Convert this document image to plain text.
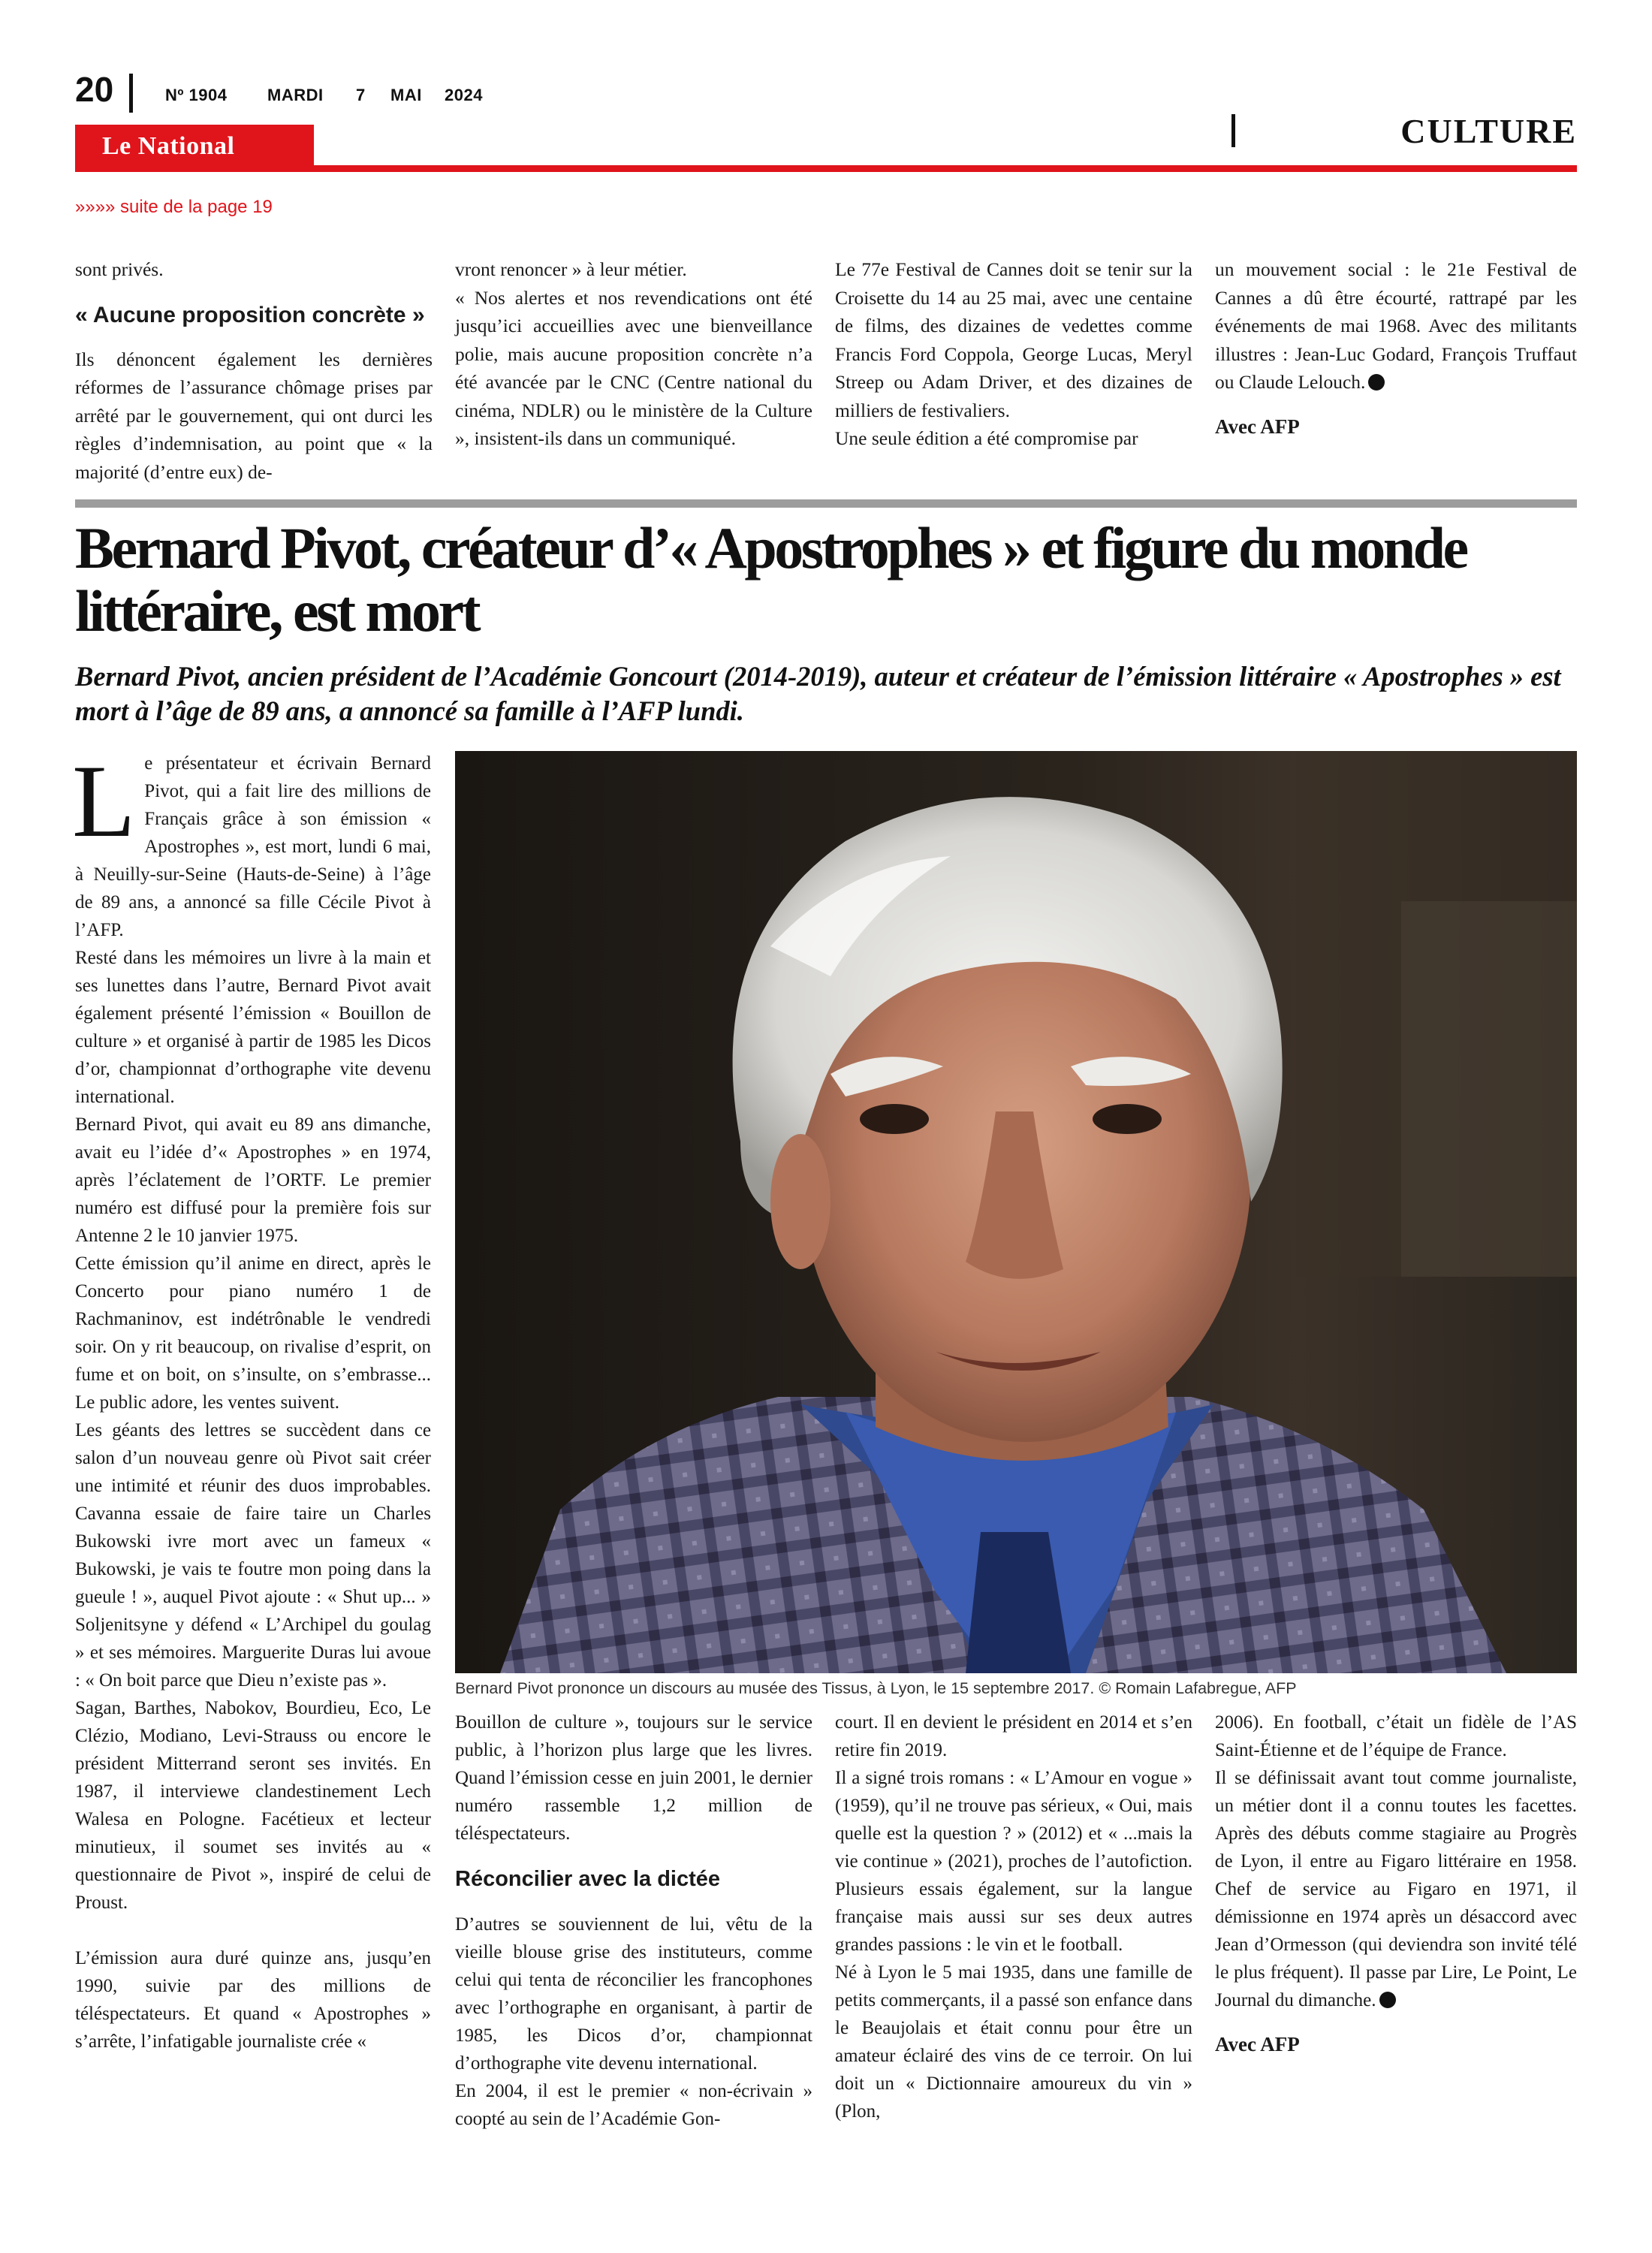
20	Nº 1904 MARDI 7 MAI 2024
Le National	CULTURE
»»»» suite de la page 19

sont privés.

« Aucune proposition concrète »

Ils dénoncent également les dernières réformes de l’assurance chômage prises par arrêté par le gouvernement, qui ont durci les règles d’indemnisation, au point que « la majorité (d’entre eux) de-

vront renoncer » à leur métier.

« Nos alertes et nos revendications ont été jusqu’ici accueillies avec une bienveillance polie, mais aucune proposition concrète n’a été avancée par le CNC (Centre national du cinéma, NDLR) ou le ministère de la Culture », insistent-ils dans un communiqué.

Le 77e Festival de Cannes doit se tenir sur la Croisette du 14 au 25 mai, avec une centaine de films, des dizaines de vedettes comme Francis Ford Coppola, George Lucas, Meryl Streep ou Adam Driver, et des dizaines de milliers de festivaliers.

Une seule édition a été compromise par

un mouvement social : le 21e Festival de Cannes a dû être écourté, rattrapé par les événements de mai 1968. Avec des militants illustres : Jean-Luc Godard, François Truffaut ou Claude Lelouch.

Avec AFP

Bernard Pivot, créateur d’« Apostrophes » et figure du monde littéraire, est mort
Bernard Pivot, ancien président de l’Académie Goncourt (2014-2019), auteur et créateur de l’émission littéraire « Apostrophes » est mort à l’âge de 89 ans, a annoncé sa famille à l’AFP lundi.

Le présentateur et écrivain Bernard Pivot, qui a fait lire des millions de Français grâce à son émission « Apostrophes », est mort, lundi 6 mai, à Neuilly-sur-Seine (Hauts-de-Seine) à l’âge de 89 ans, a annoncé sa fille Cécile Pivot à l’AFP.

Resté dans les mémoires un livre à la main et ses lunettes dans l’autre, Bernard Pivot avait également présenté l’émission « Bouillon de culture » et organisé à partir de 1985 les Dicos d’or, championnat d’orthographe vite devenu international.

Bernard Pivot, qui avait eu 89 ans dimanche, avait eu l’idée d’« Apostrophes » en 1974, après l’éclatement de l’ORTF. Le premier numéro est diffusé pour la première fois sur Antenne 2 le 10 janvier 1975.

Cette émission qu’il anime en direct, après le Concerto pour piano numéro 1 de Rachmaninov, est indétrônable le vendredi soir. On y rit beaucoup, on rivalise d’esprit, on fume et on boit, on s’insulte, on s’embrasse... Le public adore, les ventes suivent.

Les géants des lettres se succèdent dans ce salon d’un nouveau genre où Pivot sait créer une intimité et réunir des duos improbables. Cavanna essaie de faire taire un Charles Bukowski ivre mort avec un fameux « Bukowski, je vais te foutre mon poing dans la gueule ! », auquel Pivot ajoute : « Shut up... » Soljenitsyne y défend « L’Archipel du goulag » et ses mémoires. Marguerite Duras lui avoue : « On boit parce que Dieu n’existe pas ».

Sagan, Barthes, Nabokov, Bourdieu, Eco, Le Clézio, Modiano, Levi-Strauss ou encore le président Mitterrand seront ses invités. En 1987, il interviewe clandestinement Lech Walesa en Pologne. Facétieux et lecteur minutieux, il soumet ses invités au « questionnaire de Pivot », inspiré de celui de Proust.

L’émission aura duré quinze ans, jusqu’en 1990, suivie par des millions de téléspectateurs. Et quand « Apostrophes » s’arrête, l’infatigable journaliste crée «

Bernard Pivot prononce un discours au musée des Tissus, à Lyon, le 15 septembre 2017. © Romain Lafabregue, AFP

Bouillon de culture », toujours sur le service public, à l’horizon plus large que les livres. Quand l’émission cesse en juin 2001, le dernier numéro rassemble 1,2 million de téléspectateurs.

Réconcilier avec la dictée

D’autres se souviennent de lui, vêtu de la vieille blouse grise des instituteurs, comme celui qui tenta de réconcilier les francophones avec l’orthographe en organisant, à partir de 1985, les Dicos d’or, championnat d’orthographe vite devenu international.

En 2004, il est le premier « non-écrivain » coopté au sein de l’Académie Gon-

court. Il en devient le président en 2014 et s’en retire fin 2019.

Il a signé trois romans : « L’Amour en vogue » (1959), qu’il ne trouve pas sérieux, « Oui, mais quelle est la question ? » (2012) et « ...mais la vie continue » (2021), proches de l’autofiction. Plusieurs essais également, sur la langue française mais aussi sur ses deux autres grandes passions : le vin et le football.

Né à Lyon le 5 mai 1935, dans une famille de petits commerçants, il a passé son enfance dans le Beaujolais et était connu pour être un amateur éclairé des vins de ce terroir. On lui doit un « Dictionnaire amoureux du vin » (Plon,

2006). En football, c’était un fidèle de l’AS Saint-Étienne et de l’équipe de France.

Il se définissait avant tout comme journaliste, un métier dont il a connu toutes les facettes. Après des débuts comme stagiaire au Progrès de Lyon, il entre au Figaro littéraire en 1958. Chef de service au Figaro en 1971, il démissionne en 1974 après un désaccord avec Jean d’Ormesson (qui deviendra son invité télé le plus fréquent). Il passe par Lire, Le Point, Le Journal du dimanche.

Avec AFP
